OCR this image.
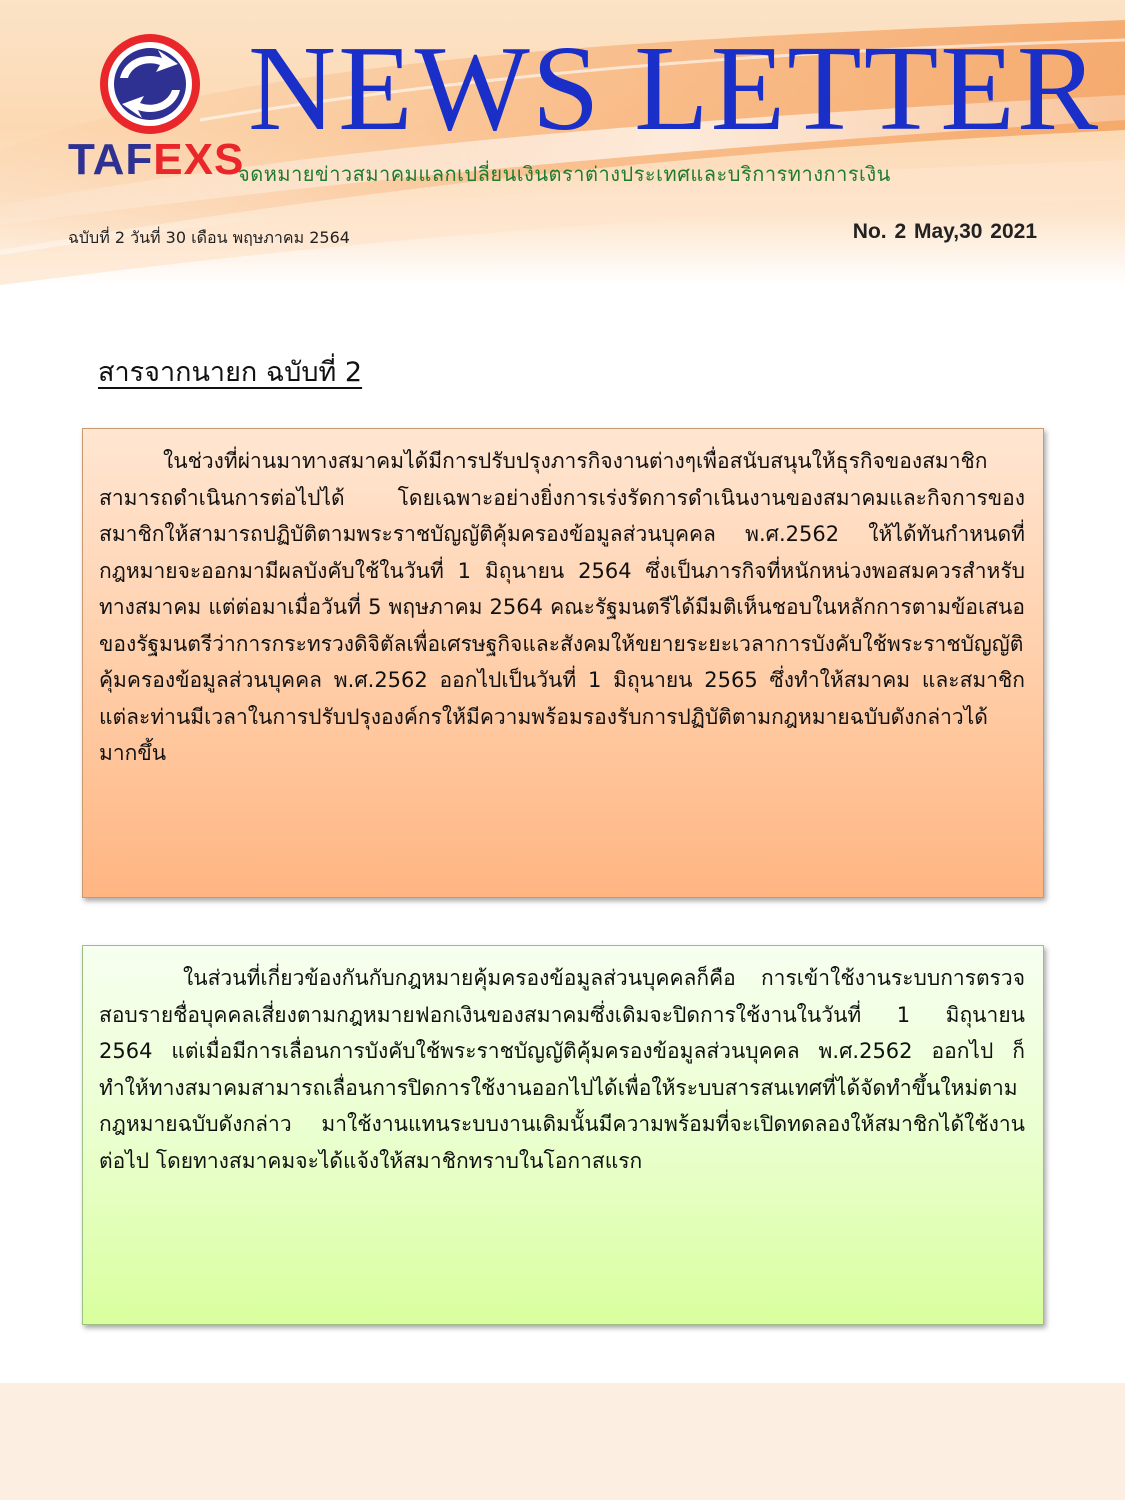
TAFEXS
NEWS LETTER
จดหมายข่าวสมาคมแลกเปลี่ยนเงินตราต่างประเทศและบริการทางการเงิน
ฉบับที่ 2 วันที่ 30 เดือน พฤษภาคม 2564	No. 2 May,30 2021
สารจากนายก ฉบับที่ 2

ในช่วงที่ผ่านมาทางสมาคมได้มีการปรับปรุงภารกิจงานต่างๆเพื่อสนับสนุนให้ธุรกิจของสมาชิกสามารถดำเนินการต่อไปได้ โดยเฉพาะอย่างยิ่งการเร่งรัดการดำเนินงานของสมาคมและกิจการของสมาชิกให้สามารถปฏิบัติตามพระราชบัญญัติคุ้มครองข้อมูลส่วนบุคคล พ.ศ.2562 ให้ได้ทันกำหนดที่กฎหมายจะออกมามีผลบังคับใช้ในวันที่ 1 มิถุนายน 2564 ซึ่งเป็นภารกิจที่หนักหน่วงพอสมควรสำหรับทางสมาคม แต่ต่อมาเมื่อวันที่ 5 พฤษภาคม 2564 คณะรัฐมนตรีได้มีมติเห็นชอบในหลักการตามข้อเสนอของรัฐมนตรีว่าการกระทรวงดิจิตัลเพื่อเศรษฐกิจและสังคมให้ขยายระยะเวลาการบังคับใช้พระราชบัญญัติคุ้มครองข้อมูลส่วนบุคคล พ.ศ.2562 ออกไปเป็นวันที่ 1 มิถุนายน 2565 ซึ่งทำให้สมาคม และสมาชิกแต่ละท่านมีเวลาในการปรับปรุงองค์กรให้มีความพร้อมรองรับการปฏิบัติตามกฎหมายฉบับดังกล่าวได้มากขึ้น

ในส่วนที่เกี่ยวข้องกันกับกฎหมายคุ้มครองข้อมูลส่วนบุคคลก็คือ การเข้าใช้งานระบบการตรวจสอบรายชื่อบุคคลเสี่ยงตามกฎหมายฟอกเงินของสมาคมซึ่งเดิมจะปิดการใช้งานในวันที่ 1 มิถุนายน 2564 แต่เมื่อมีการเลื่อนการบังคับใช้พระราชบัญญัติคุ้มครองข้อมูลส่วนบุคคล พ.ศ.2562 ออกไป ก็ทำให้ทางสมาคมสามารถเลื่อนการปิดการใช้งานออกไปได้เพื่อให้ระบบสารสนเทศที่ได้จัดทำขึ้นใหม่ตามกฎหมายฉบับดังกล่าว มาใช้งานแทนระบบงานเดิมนั้นมีความพร้อมที่จะเปิดทดลองให้สมาชิกได้ใช้งานต่อไป โดยทางสมาคมจะได้แจ้งให้สมาชิกทราบในโอกาสแรก
